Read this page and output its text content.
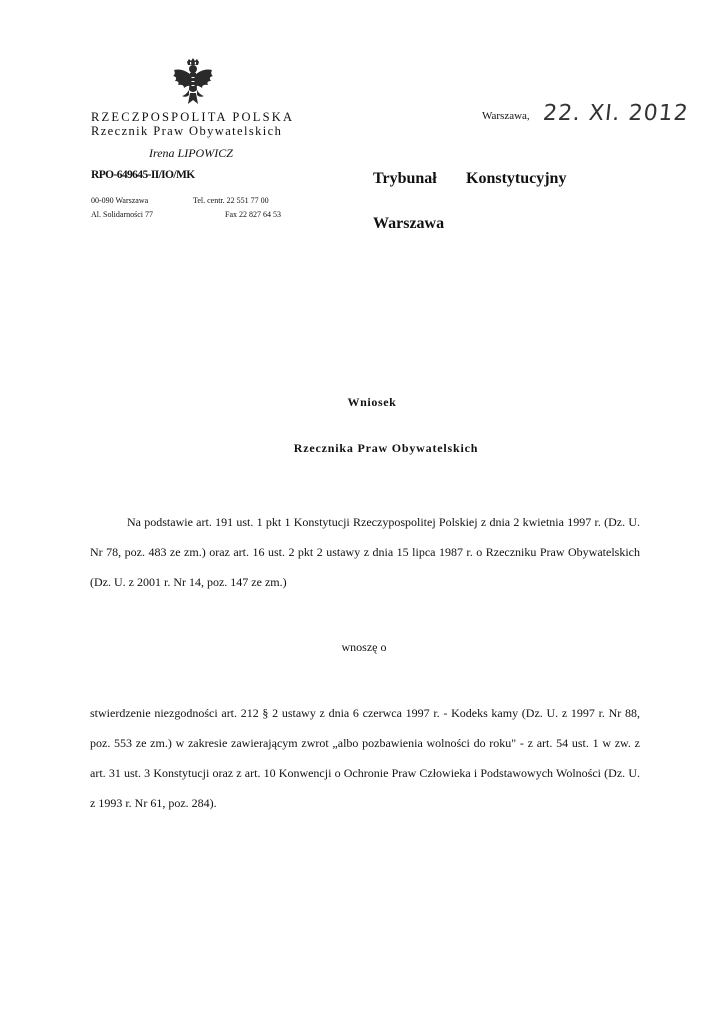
RZECZPOSPOLITA POLSKA
Rzecznik Praw Obywatelskich
Irena LIPOWICZ
RPO-649645-II/IO/MK
00-090 Warszawa
Al. Solidarności 77
Tel. centr. 22 551 77 00
Fax 22 827 64 53
Warszawa, 22. XI. 2012
Trybunał Konstytucyjny
Warszawa
Wniosek
Rzecznika Praw Obywatelskich
Na podstawie art. 191 ust. 1 pkt 1 Konstytucji Rzeczypospolitej Polskiej z dnia 2 kwietnia 1997 r. (Dz. U. Nr 78, poz. 483 ze zm.) oraz art. 16 ust. 2 pkt 2 ustawy z dnia 15 lipca 1987 r. o Rzeczniku Praw Obywatelskich (Dz. U. z 2001 r. Nr 14, poz. 147 ze zm.)
wnoszę o
stwierdzenie niezgodności art. 212 § 2 ustawy z dnia 6 czerwca 1997 r. - Kodeks kamy (Dz. U. z 1997 r. Nr 88, poz. 553 ze zm.) w zakresie zawierającym zwrot „albo pozbawienia wolności do roku" - z art. 54 ust. 1 w zw. z art. 31 ust. 3 Konstytucji oraz z art. 10 Konwencji o Ochronie Praw Człowieka i Podstawowych Wolności (Dz. U. z 1993 r. Nr 61, poz. 284).
